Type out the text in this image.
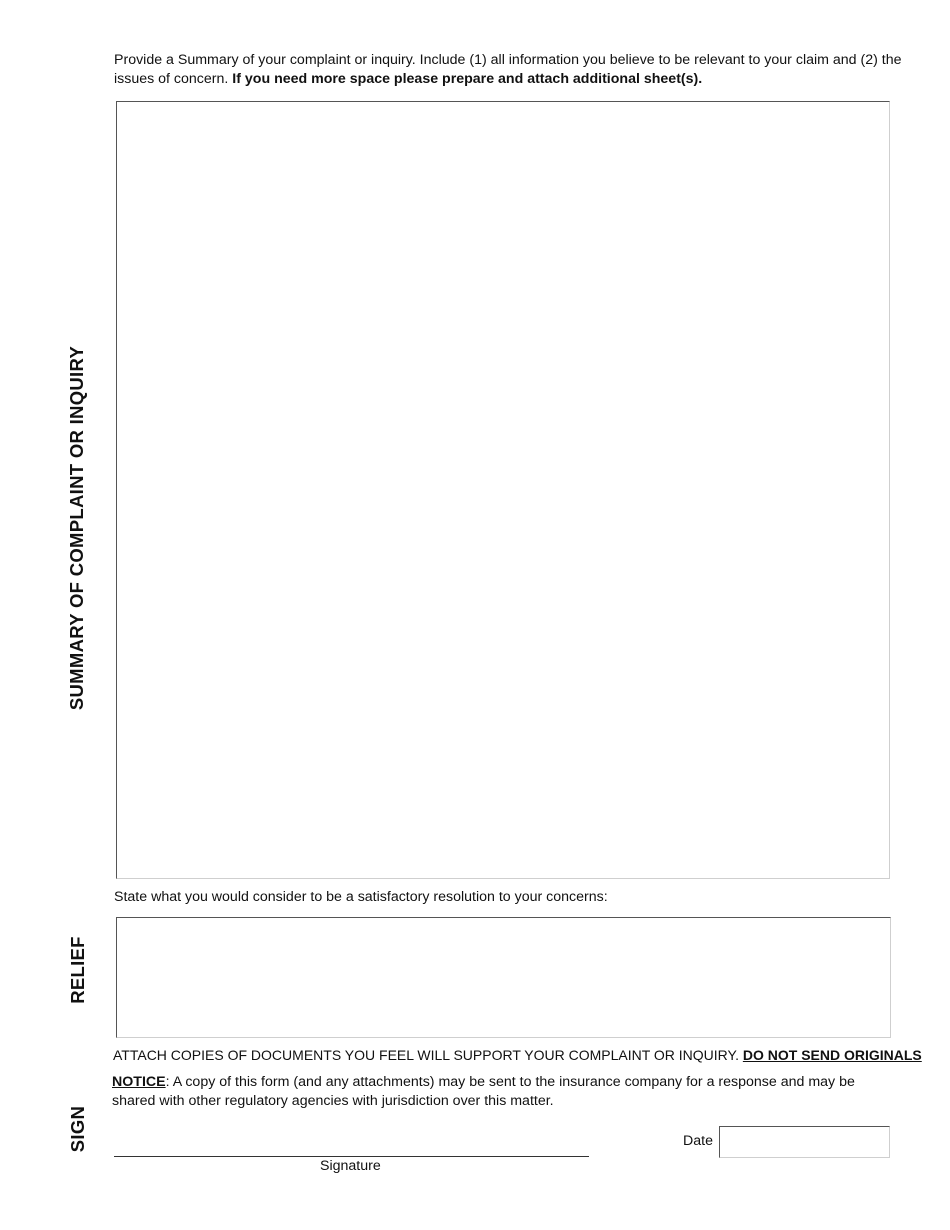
Provide a Summary of your complaint or inquiry. Include (1) all information you believe to be relevant to your claim and (2) the issues of concern. If you need more space please prepare and attach additional sheet(s).
SUMMARY OF COMPLAINT OR INQUIRY
State what you would consider to be a satisfactory resolution to your concerns:
RELIEF
ATTACH COPIES OF DOCUMENTS YOU FEEL WILL SUPPORT YOUR COMPLAINT OR INQUIRY. DO NOT SEND ORIGINALS
NOTICE: A copy of this form (and any attachments) may be sent to the insurance company for a response and may be shared with other regulatory agencies with jurisdiction over this matter.
SIGN
Signature
Date
